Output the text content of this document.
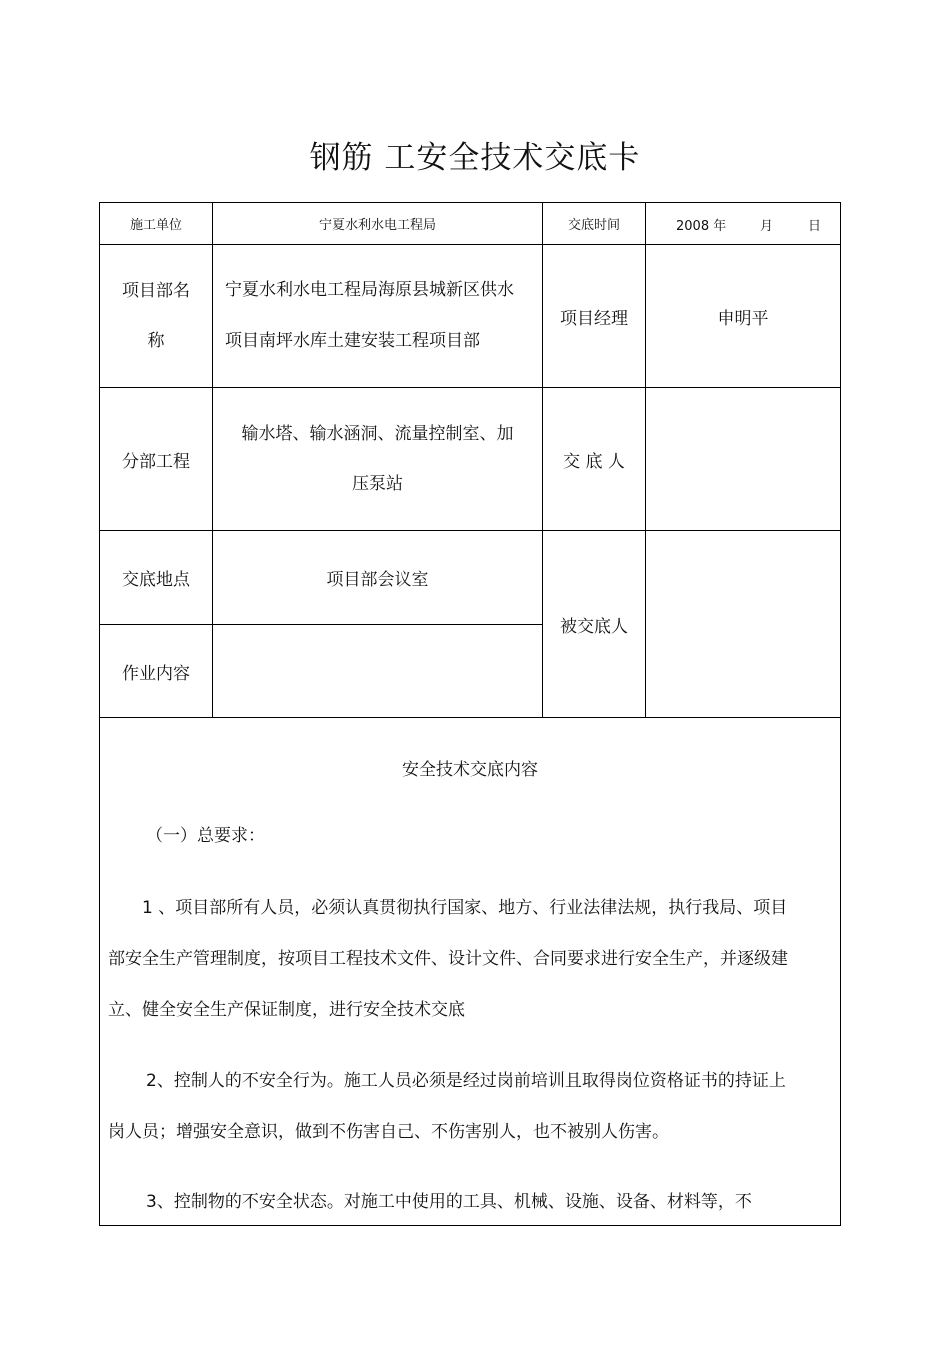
钢筋 工安全技术交底卡
施工单位	宁夏水利水电工程局	交底时间	2008 年 月 日

项目部名
称	宁夏水利水电工程局海原县城新区供水项目南坪水库土建安装工程项目部	项目经理	申明平
分部工程	输水塔、输水涵洞、流量控制室、加
压泵站	交 底 人	
交底地点	项目部会议室	被交底人	
作业内容			

安全技术交底内容
（一）总要求：
1 、项目部所有人员，必须认真贯彻执行国家、地方、行业法律法规，执行我局、项目部安全生产管理制度，按项目工程技术文件、设计文件、合同要求进行安全生产，并逐级建立、健全安全生产保证制度，进行安全技术交底
2、控制人的不安全行为。施工人员必须是经过岗前培训且取得岗位资格证书的持证上岗人员；增强安全意识，做到不伤害自己、不伤害别人，也不被别人伤害。
3、控制物的不安全状态。对施工中使用的工具、机械、设施、设备、材料等，不			
